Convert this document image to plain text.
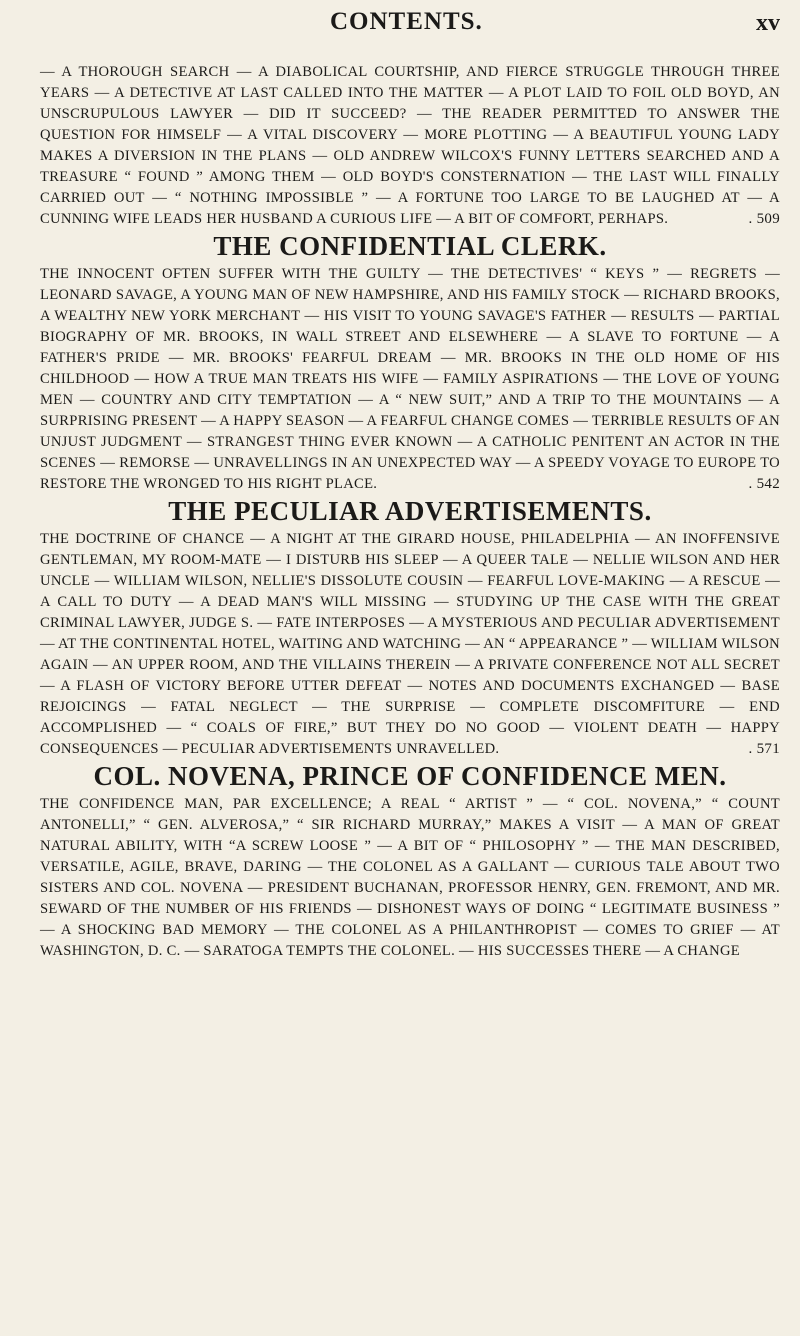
CONTENTS.	xv

— A THOROUGH SEARCH — A DIABOLICAL COURTSHIP, AND FIERCE STRUGGLE THROUGH THREE YEARS — A DETECTIVE AT LAST CALLED INTO THE MATTER — A PLOT LAID TO FOIL OLD BOYD, AN UNSCRUPULOUS LAWYER — DID IT SUCCEED? — THE READER PERMITTED TO ANSWER THE QUESTION FOR HIMSELF — A VITAL DISCOVERY — MORE PLOTTING — A BEAUTIFUL YOUNG LADY MAKES A DIVERSION IN THE PLANS — OLD ANDREW WILCOX'S FUNNY LETTERS SEARCHED AND A TREASURE “ FOUND ” AMONG THEM — OLD BOYD'S CONSTERNATION — THE LAST WILL FINALLY CARRIED OUT — “ NOTHING IMPOSSIBLE ” — A FORTUNE TOO LARGE TO BE LAUGHED AT — A CUNNING WIFE LEADS HER HUSBAND A CURIOUS LIFE — A BIT OF COMFORT, PERHAPS.	. 509

THE CONFIDENTIAL CLERK.

THE INNOCENT OFTEN SUFFER WITH THE GUILTY — THE DETECTIVES' “ KEYS ” — REGRETS — LEONARD SAVAGE, A YOUNG MAN OF NEW HAMPSHIRE, AND HIS FAMILY STOCK — RICHARD BROOKS, A WEALTHY NEW YORK MERCHANT — HIS VISIT TO YOUNG SAVAGE'S FATHER — RESULTS — PARTIAL BIOGRAPHY OF MR. BROOKS, IN WALL STREET AND ELSEWHERE — A SLAVE TO FORTUNE — A FATHER'S PRIDE — MR. BROOKS' FEARFUL DREAM — MR. BROOKS IN THE OLD HOME OF HIS CHILDHOOD — HOW A TRUE MAN TREATS HIS WIFE — FAMILY ASPIRATIONS — THE LOVE OF YOUNG MEN — COUNTRY AND CITY TEMPTATION — A “ NEW SUIT,” AND A TRIP TO THE MOUNTAINS — A SURPRISING PRESENT — A HAPPY SEASON — A FEARFUL CHANGE COMES — TERRIBLE RESULTS OF AN UNJUST JUDGMENT — STRANGEST THING EVER KNOWN — A CATHOLIC PENITENT AN ACTOR IN THE SCENES — REMORSE — UNRAVELLINGS IN AN UNEXPECTED WAY — A SPEEDY VOYAGE TO EUROPE TO RESTORE THE WRONGED TO HIS RIGHT PLACE.	. 542

THE PECULIAR ADVERTISEMENTS.

THE DOCTRINE OF CHANCE — A NIGHT AT THE GIRARD HOUSE, PHILADELPHIA — AN INOFFENSIVE GENTLEMAN, MY ROOM-MATE — I DISTURB HIS SLEEP — A QUEER TALE — NELLIE WILSON AND HER UNCLE — WILLIAM WILSON, NELLIE'S DISSOLUTE COUSIN — FEARFUL LOVE-MAKING — A RESCUE — A CALL TO DUTY — A DEAD MAN'S WILL MISSING — STUDYING UP THE CASE WITH THE GREAT CRIMINAL LAWYER, JUDGE S. — FATE INTERPOSES — A MYSTERIOUS AND PECULIAR ADVERTISEMENT — AT THE CONTINENTAL HOTEL, WAITING AND WATCHING — AN “ APPEARANCE ” — WILLIAM WILSON AGAIN — AN UPPER ROOM, AND THE VILLAINS THEREIN — A PRIVATE CONFERENCE NOT ALL SECRET — A FLASH OF VICTORY BEFORE UTTER DEFEAT — NOTES AND DOCUMENTS EXCHANGED — BASE REJOICINGS — FATAL NEGLECT — THE SURPRISE — COMPLETE DISCOMFITURE — END ACCOMPLISHED — “ COALS OF FIRE,” BUT THEY DO NO GOOD — VIOLENT DEATH — HAPPY CONSEQUENCES — PECULIAR ADVERTISEMENTS UNRAVELLED.	. 571

COL. NOVENA, PRINCE OF CONFIDENCE MEN.

THE CONFIDENCE MAN, PAR EXCELLENCE; A REAL “ ARTIST ” — “ COL. NOVENA,” “ COUNT ANTONELLI,” “ GEN. ALVEROSA,” “ SIR RICHARD MURRAY,” MAKES A VISIT — A MAN OF GREAT NATURAL ABILITY, WITH “A SCREW LOOSE ” — A BIT OF “ PHILOSOPHY ” — THE MAN DESCRIBED, VERSATILE, AGILE, BRAVE, DARING — THE COLONEL AS A GALLANT — CURIOUS TALE ABOUT TWO SISTERS AND COL. NOVENA — PRESIDENT BUCHANAN, PROFESSOR HENRY, GEN. FREMONT, AND MR. SEWARD OF THE NUMBER OF HIS FRIENDS — DISHONEST WAYS OF DOING “ LEGITIMATE BUSINESS ” — A SHOCKING BAD MEMORY — THE COLONEL AS A PHILANTHROPIST — COMES TO GRIEF — AT WASHINGTON, D. C. — SARATOGA TEMPTS THE COLONEL. — HIS SUCCESSES THERE — A CHANGE
